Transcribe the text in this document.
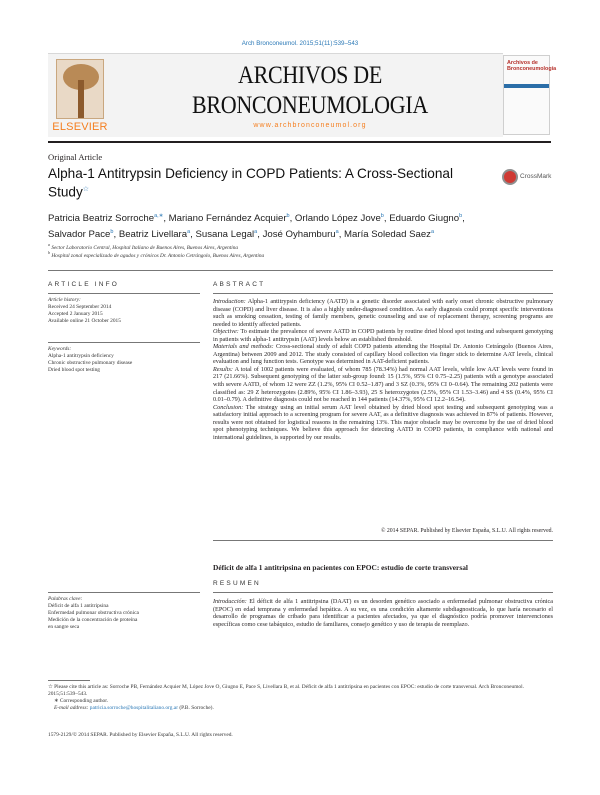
Arch Bronconeumol. 2015;51(11):539–543
ELSEVIER
ARCHIVOS DE BRONCONEUMOLOGIA
www.archbronconeumol.org
Archivos de
Bronconeumología
Original Article
Alpha-1 Antitrypsin Deficiency in COPD Patients: A Cross-Sectional
Study☆
CrossMark
Patricia Beatriz Sorroche$^{a,∗}$, Mariano Fernández Acquier$^b$, Orlando López Jove$^b$, Eduardo Giugno$^b$,
Salvador Pace$^b$, Beatriz Livellara$^a$, Susana Legal$^a$, José Oyhamburu$^a$, María Soledad Saez$^a$
$^a$ Sector Laboratorio Central, Hospital Italiano de Buenos Aires, Buenos Aires, Argentina
$^b$ Hospital zonal especializado de agudos y crónicos Dr. Antonio Cetrángolo, Buenos Aires, Argentina
ARTICLE INFO
Article history:
Received 24 September 2014
Accepted 2 January 2015
Available online 21 October 2015
Keywords:
Alpha-1 antitrypsin deficiency
Chronic obstructive pulmonary disease
Dried blood spot testing
ABSTRACT

Introduction: Alpha-1 antitrypsin deficiency (AATD) is a genetic disorder associated with early onset chronic obstructive pulmonary disease (COPD) and liver disease. It is also a highly under-diagnosed condition. As early diagnosis could prompt specific interventions such as smoking cessation, testing of family members, genetic counseling and use of replacement therapy, screening programs are needed to identify affected patients.

Objective: To estimate the prevalence of severe AATD in COPD patients by routine dried blood spot testing and subsequent genotyping in patients with alpha-1 antitrypsin (AAT) levels below an established threshold.

Materials and methods: Cross-sectional study of adult COPD patients attending the Hospital Dr. Antonio Cetrángolo (Buenos Aires, Argentina) between 2009 and 2012. The study consisted of capillary blood collection via finger stick to determine AAT levels, clinical evaluation and lung function tests. Genotype was determined in AAT-deficient patients.

Results: A total of 1002 patients were evaluated, of whom 785 (78.34%) had normal AAT levels, while low AAT levels were found in 217 (21.66%). Subsequent genotyping of the latter sub-group found: 15 (1.5%, 95% CI 0.75–2.25) patients with a genotype associated with severe AATD, of whom 12 were ZZ (1.2%, 95% CI 0.52–1.87) and 3 SZ (0.3%, 95% CI 0–0.64). The remaining 202 patients were classified as: 29 Z heterozygotes (2.89%, 95% CI 1.86–3.93), 25 S heterozygotes (2.5%, 95% CI 1.53–3.46) and 4 SS (0.4%, 95% CI 0.01–0.79). A definitive diagnosis could not be reached in 144 patients (14.37%, 95% CI 12.2–16.54).

Conclusion: The strategy using an initial serum AAT level obtained by dried blood spot testing and subsequent genotyping was a satisfactory initial approach to a screening program for severe AAT, as a definitive diagnosis was achieved in 87% of patients. However, results were not obtained for logistical reasons in the remaining 13%. This major obstacle may be overcome by the use of dried blood spot phenotyping techniques. We believe this approach for detecting AATD in COPD patients, in compliance with national and international guidelines, is supported by our results.

© 2014 SEPAR. Published by Elsevier España, S.L.U. All rights reserved.
Déficit de alfa 1 antitripsina en pacientes con EPOC: estudio de corte transversal
RESUMEN
Palabras clave:
Déficit de alfa 1 antitripsina
Enfermedad pulmonar obstructiva crónica
Medición de la concentración de proteína
en sangre seca

Introducción: El déficit de alfa 1 antitripsina (DAAT) es un desorden genético asociado a enfermedad pulmonar obstructiva crónica (EPOC) en edad temprana y enfermedad hepática. A su vez, es una condición altamente subdiagnosticada, lo que haría necesario el desarrollo de programas de cribado para identificar a pacientes afectados, ya que el diagnóstico podría promover intervenciones específicas como cese tabáquico, estudio de familiares, consejo genético y uso de terapia de reemplazo.

☆ Please cite this article as: Sorroche PB, Fernández Acquier M, López Jove O, Giugno E, Pace S, Livellara B, et al. Déficit de alfa 1 antitripsina en pacientes con EPOC: estudio de corte transversal. Arch Bronconeumol. 2015;51:539–543.
∗ Corresponding author.
E-mail address: patricia.sorroche@hospitalitaliano.org.ar (P.B. Sorroche).
1579-2129/© 2014 SEPAR. Published by Elsevier España, S.L.U. All rights reserved.
